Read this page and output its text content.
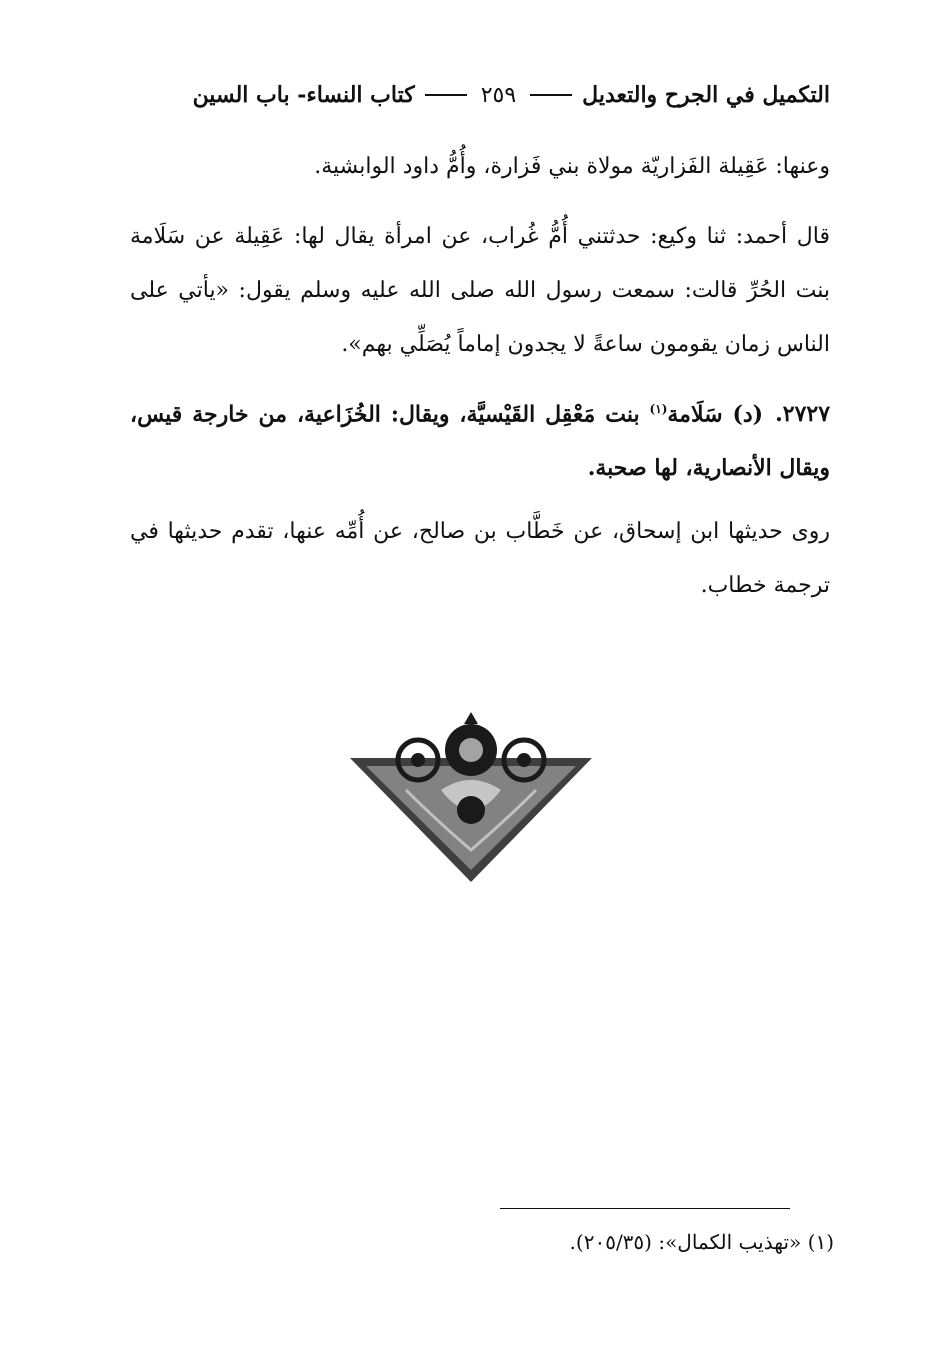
التكميل في الجرح والتعديل
٢٥٩
كتاب النساء- باب السين

وعنها: عَقِيلة الفَزاريّة مولاة بني فَزارة، وأُمُّ داود الوابشية.

قال أحمد: ثنا وكيع: حدثتني أُمُّ غُراب، عن امرأة يقال لها: عَقِيلة عن سَلَامة بنت الحُرِّ قالت: سمعت رسول الله صلى الله عليه وسلم يقول: «يأتي على الناس زمان يقومون ساعةً لا يجدون إماماً يُصَلِّي بهم».

٢٧٢٧.(د) سَلَامة$^{(١)}$ بنت مَعْقِل القَيْسيَّة، ويقال: الخُزَاعية، من خارجة قيس، ويقال الأنصارية، لها صحبة.

روى حديثها ابن إسحاق، عن خَطَّاب بن صالح، عن أُمِّه عنها، تقدم حديثها في ترجمة خطاب.

(١) «تهذيب الكمال»: (٢٠٥/٣٥).
